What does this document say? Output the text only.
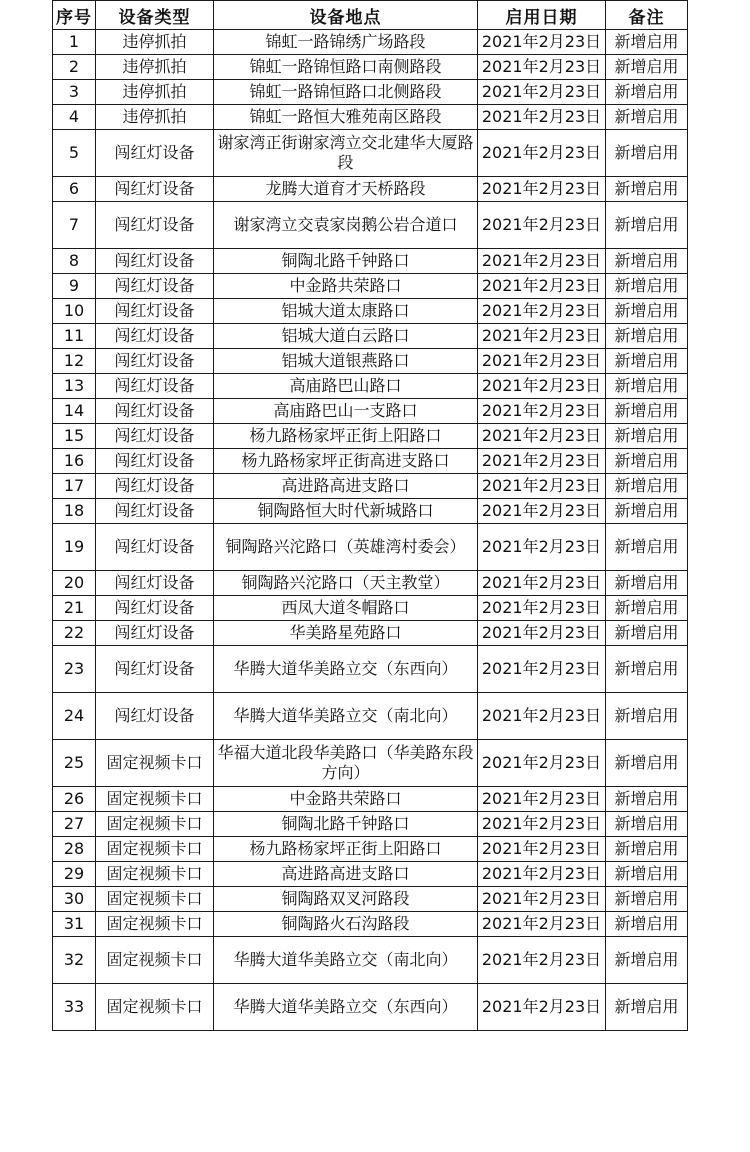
序号	设备类型	设备地点	启用日期	备注
1	违停抓拍	锦虹一路锦绣广场路段	2021年2月23日	新增启用
2	违停抓拍	锦虹一路锦恒路口南侧路段	2021年2月23日	新增启用
3	违停抓拍	锦虹一路锦恒路口北侧路段	2021年2月23日	新增启用
4	违停抓拍	锦虹一路恒大雅苑南区路段	2021年2月23日	新增启用
5	闯红灯设备	谢家湾正街谢家湾立交北建华大厦路段	2021年2月23日	新增启用
6	闯红灯设备	龙腾大道育才天桥路段	2021年2月23日	新增启用
7	闯红灯设备	谢家湾立交袁家岗鹅公岩合道口	2021年2月23日	新增启用
8	闯红灯设备	铜陶北路千钟路口	2021年2月23日	新增启用
9	闯红灯设备	中金路共荣路口	2021年2月23日	新增启用
10	闯红灯设备	铝城大道太康路口	2021年2月23日	新增启用
11	闯红灯设备	铝城大道白云路口	2021年2月23日	新增启用
12	闯红灯设备	铝城大道银燕路口	2021年2月23日	新增启用
13	闯红灯设备	高庙路巴山路口	2021年2月23日	新增启用
14	闯红灯设备	高庙路巴山一支路口	2021年2月23日	新增启用
15	闯红灯设备	杨九路杨家坪正街上阳路口	2021年2月23日	新增启用
16	闯红灯设备	杨九路杨家坪正街高进支路口	2021年2月23日	新增启用
17	闯红灯设备	高进路高进支路口	2021年2月23日	新增启用
18	闯红灯设备	铜陶路恒大时代新城路口	2021年2月23日	新增启用
19	闯红灯设备	铜陶路兴沱路口（英雄湾村委会）	2021年2月23日	新增启用
20	闯红灯设备	铜陶路兴沱路口（天主教堂）	2021年2月23日	新增启用
21	闯红灯设备	西凤大道冬帽路口	2021年2月23日	新增启用
22	闯红灯设备	华美路星苑路口	2021年2月23日	新增启用
23	闯红灯设备	华腾大道华美路立交（东西向）	2021年2月23日	新增启用
24	闯红灯设备	华腾大道华美路立交（南北向）	2021年2月23日	新增启用
25	固定视频卡口	华福大道北段华美路口（华美路东段方向）	2021年2月23日	新增启用
26	固定视频卡口	中金路共荣路口	2021年2月23日	新增启用
27	固定视频卡口	铜陶北路千钟路口	2021年2月23日	新增启用
28	固定视频卡口	杨九路杨家坪正街上阳路口	2021年2月23日	新增启用
29	固定视频卡口	高进路高进支路口	2021年2月23日	新增启用
30	固定视频卡口	铜陶路双叉河路段	2021年2月23日	新增启用
31	固定视频卡口	铜陶路火石沟路段	2021年2月23日	新增启用
32	固定视频卡口	华腾大道华美路立交（南北向）	2021年2月23日	新增启用
33	固定视频卡口	华腾大道华美路立交（东西向）	2021年2月23日	新增启用
